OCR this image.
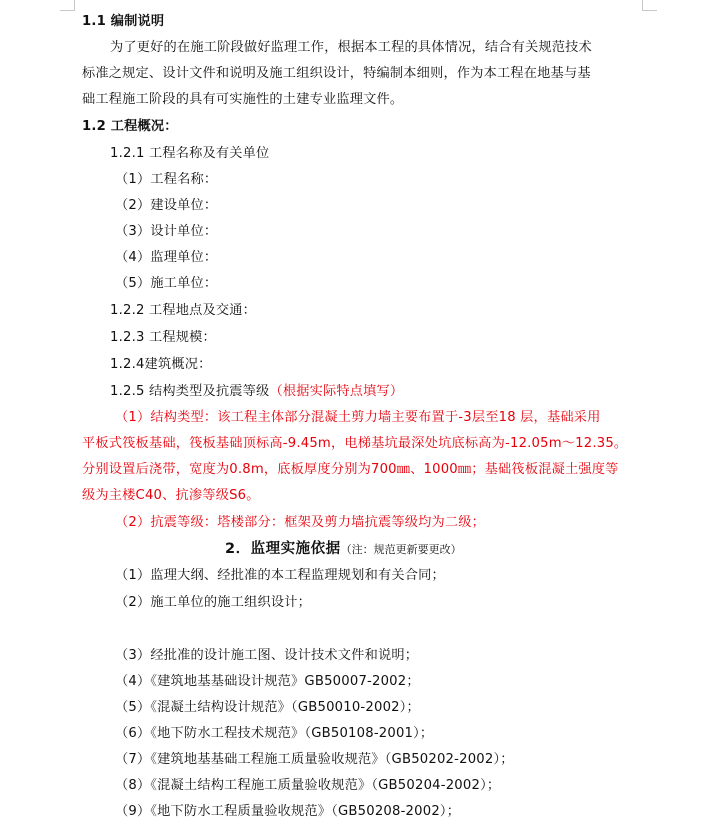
1.1 编制说明
为了更好的在施工阶段做好监理工作，根据本工程的具体情况，结合有关规范技术
标准之规定、设计文件和说明及施工组织设计，特编制本细则，作为本工程在地基与基
础工程施工阶段的具有可实施性的土建专业监理文件。
1.2 工程概况：
1.2.1 工程名称及有关单位
（1）工程名称：
（2）建设单位：
（3）设计单位：
（4）监理单位：
（5）施工单位：
1.2.2 工程地点及交通：
1.2.3 工程规模：
1.2.4建筑概况：
1.2.5 结构类型及抗震等级（根据实际特点填写）
（1）结构类型：该工程主体部分混凝土剪力墙主要布置于-3层至18 层，基础采用
平板式筏板基础，筏板基础顶标高-9.45m，电梯基坑最深处坑底标高为-12.05m～12.35。
分别设置后浇带，宽度为0.8m，底板厚度分别为700㎜、1000㎜；基础筏板混凝土强度等
级为主楼C40、抗渗等级S6。
（2）抗震等级：塔楼部分：框架及剪力墙抗震等级均为二级；
2．监理实施依据（注：规范更新要更改）
（1）监理大纲、经批准的本工程监理规划和有关合同；
（2）施工单位的施工组织设计；
（3）经批准的设计施工图、设计技术文件和说明；
（4）《建筑地基基础设计规范》GB50007-2002；
（5）《混凝土结构设计规范》（GB50010-2002）；
（6）《地下防水工程技术规范》（GB50108-2001）；
（7）《建筑地基基础工程施工质量验收规范》（GB50202-2002）；
（8）《混凝土结构工程施工质量验收规范》（GB50204-2002）；
（9）《地下防水工程质量验收规范》（GB50208-2002）；
